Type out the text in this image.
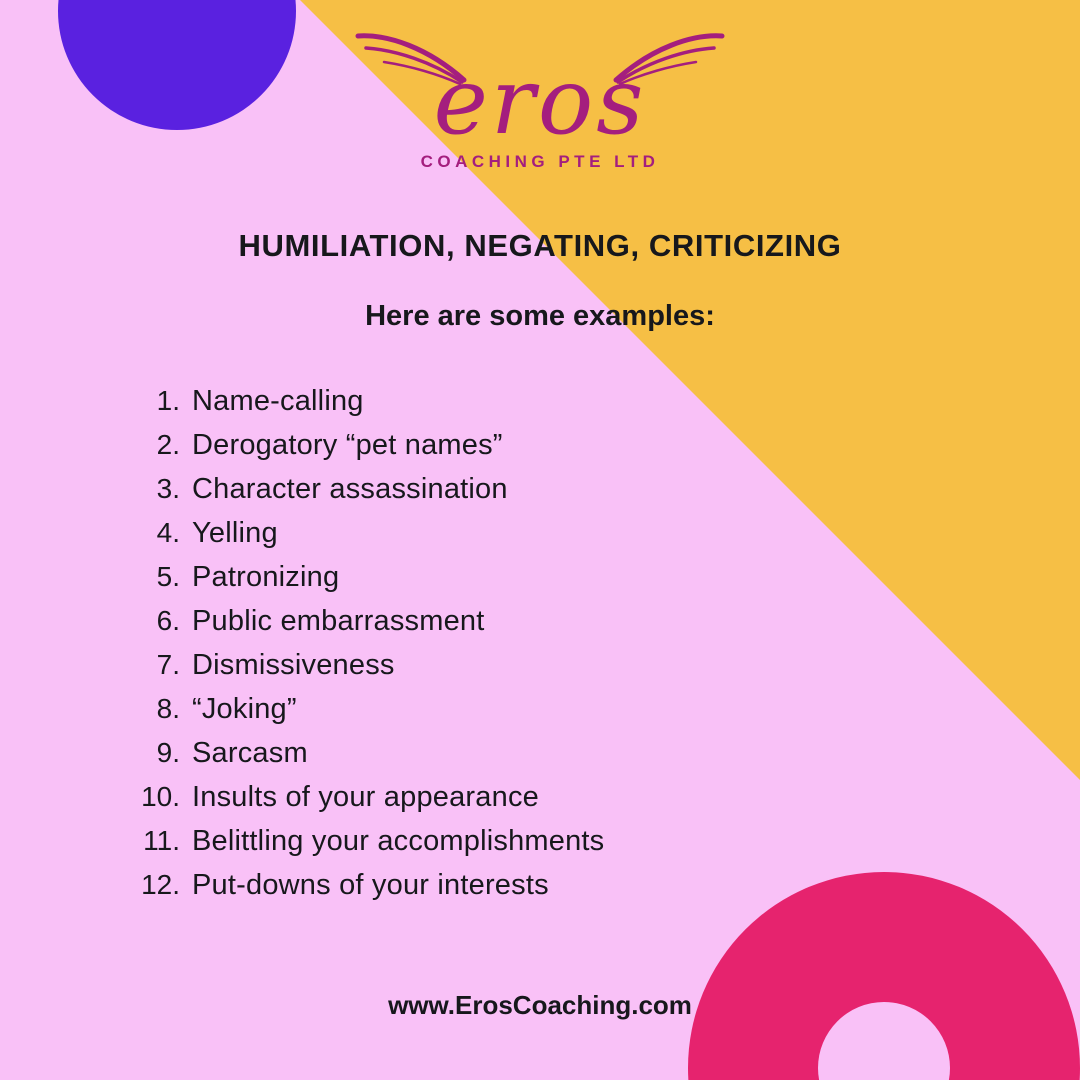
eros
COACHING PTE LTD
HUMILIATION, NEGATING, CRITICIZING
Here are some examples:
1. Name-calling
2. Derogatory “pet names”
3. Character assassination
4. Yelling
5. Patronizing
6. Public embarrassment
7. Dismissiveness
8. “Joking”
9. Sarcasm
10. Insults of your appearance
11. Belittling your accomplishments
12. Put-downs of your interests
www.ErosCoaching.com
